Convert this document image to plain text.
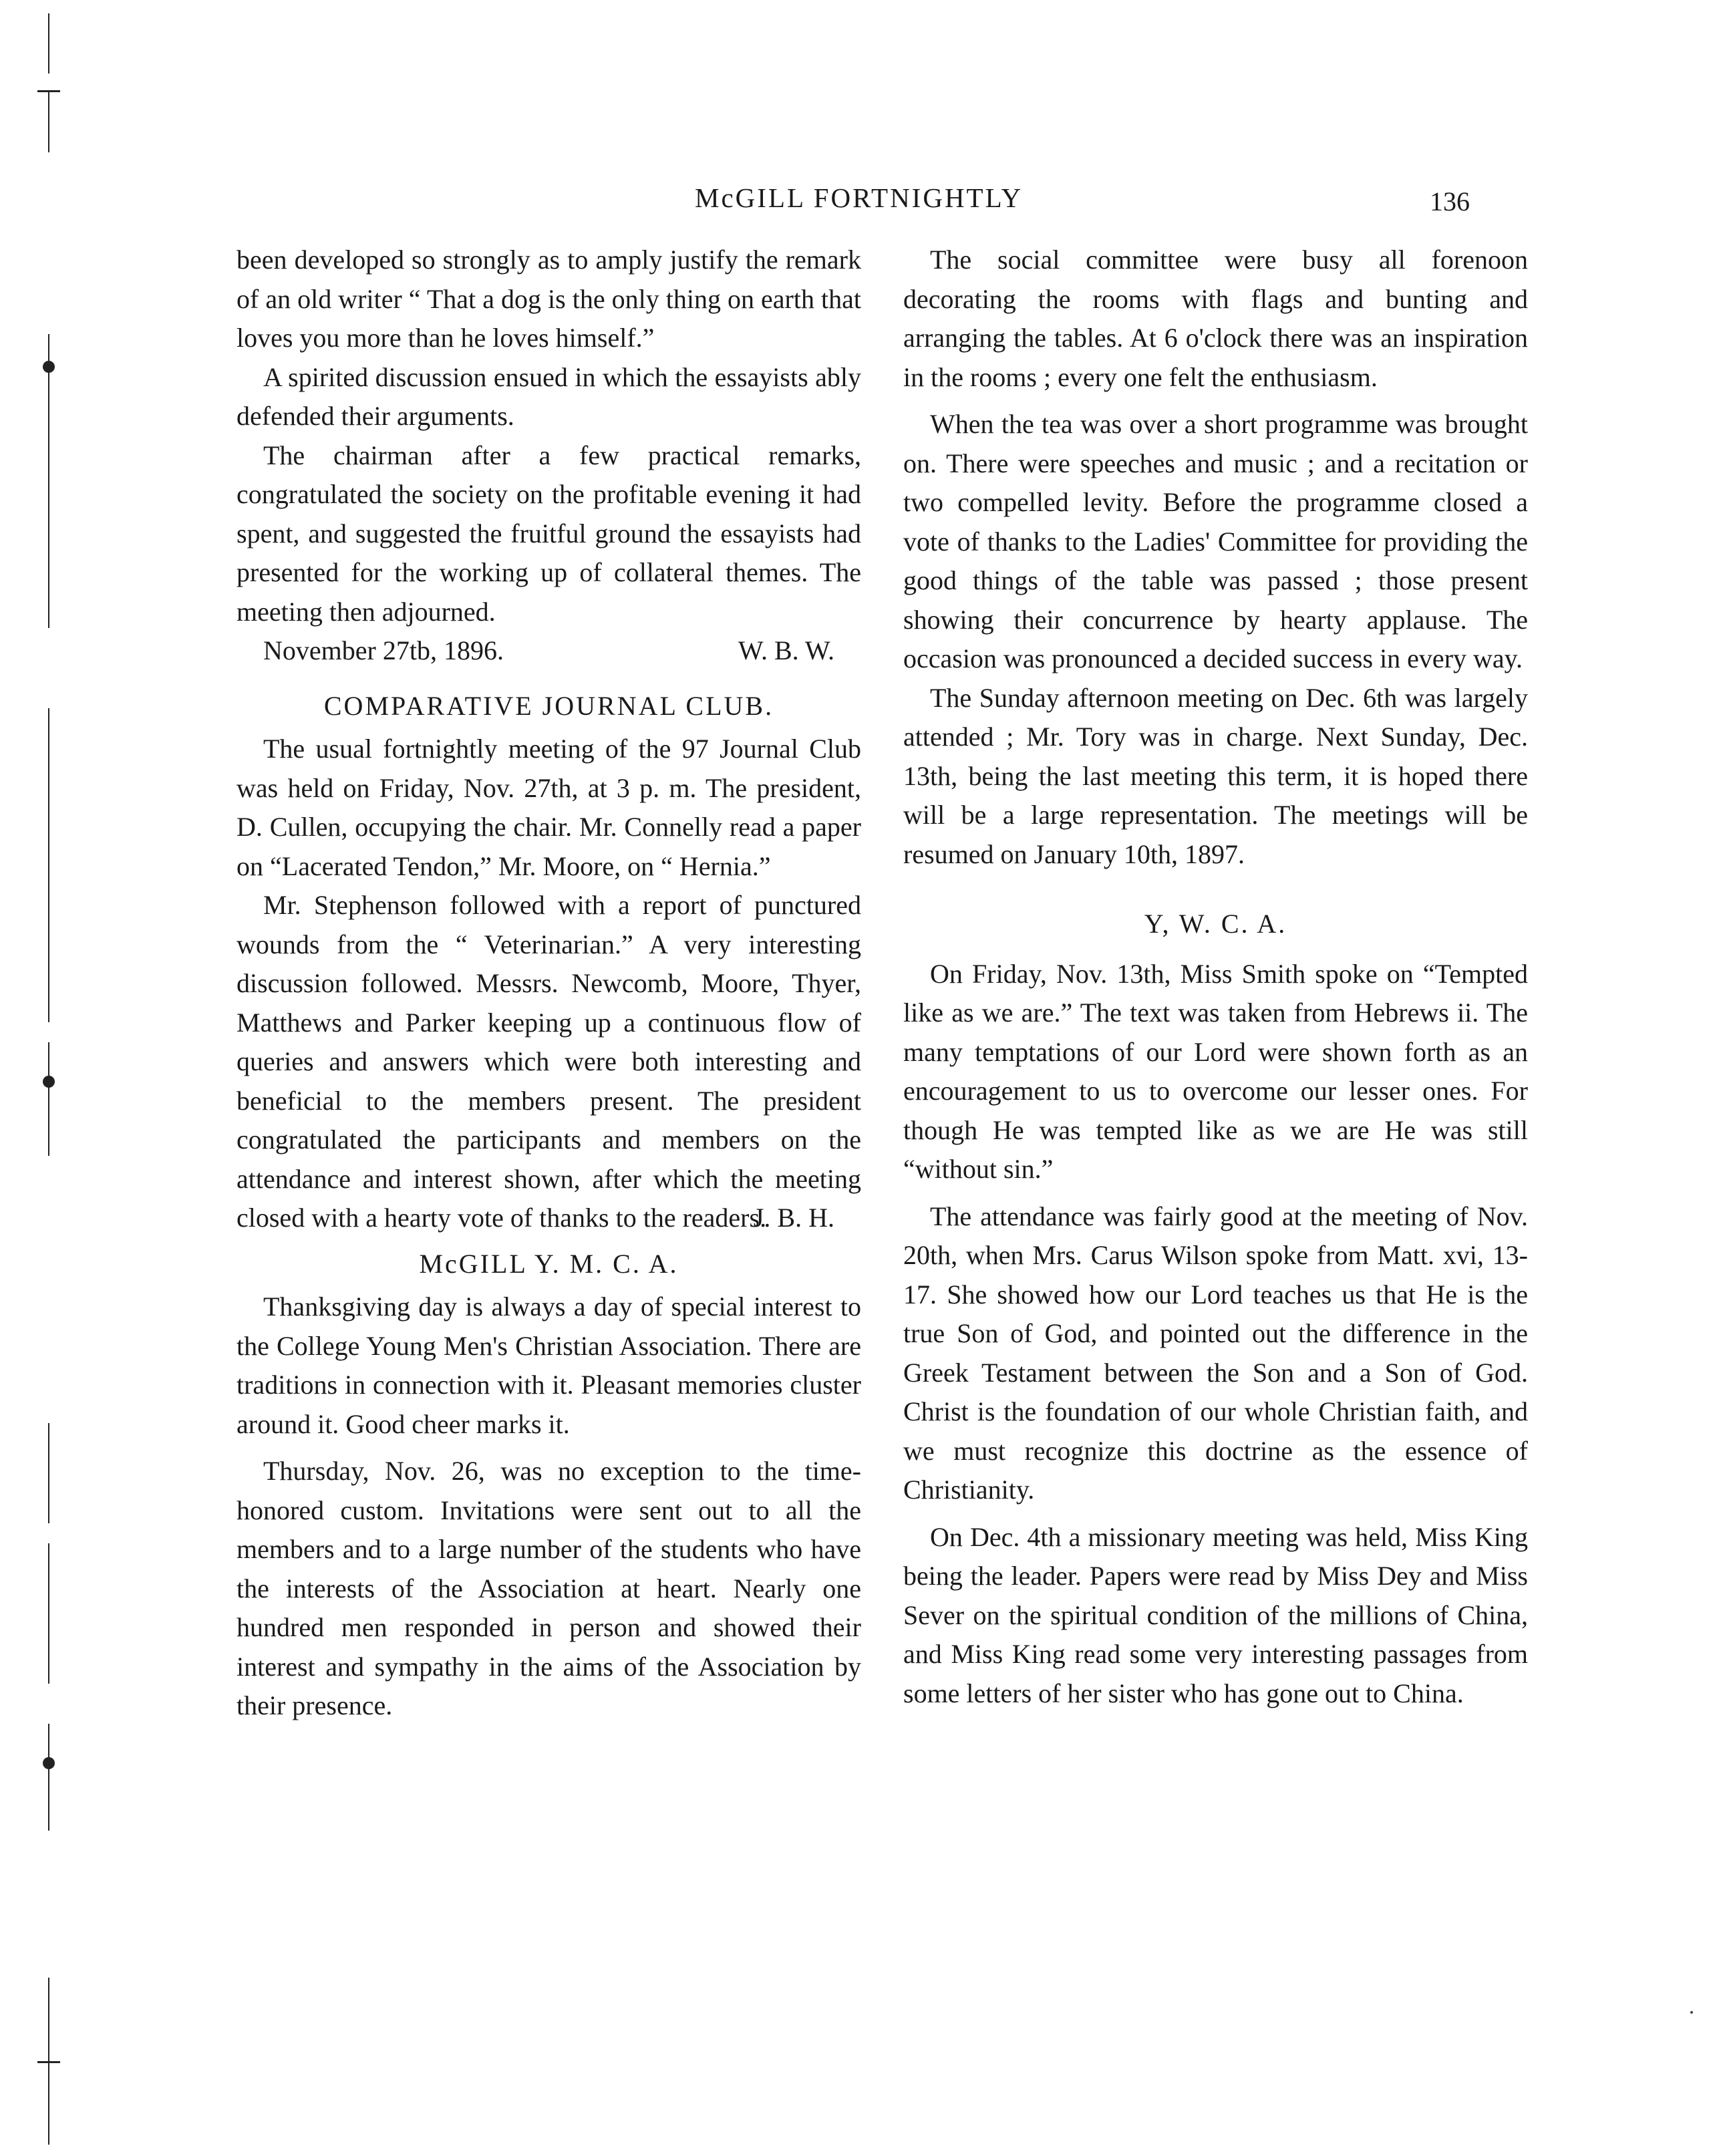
McGILL FORTNIGHTLY	136

been developed so strongly as to amply justify the remark of an old writer “ That a dog is the only thing on earth that loves you more than he loves himself.”

A spirited discussion ensued in which the essayists ably defended their arguments.

The chairman after a few practical remarks, congratulated the society on the profitable evening it had spent, and suggested the fruitful ground the essayists had presented for the working up of collateral themes. The meeting then adjourned.

November 27tb, 1896.	W. B. W.
COMPARATIVE JOURNAL CLUB.

The usual fortnightly meeting of the 97 Journal Club was held on Friday, Nov. 27th, at 3 p. m. The president, D. Cullen, occupying the chair. Mr. Connelly read a paper on “Lacerated Tendon,” Mr. Moore, on “ Hernia.”

Mr. Stephenson followed with a report of punctured wounds from the “ Veterinarian.” A very interesting discussion followed. Messrs. Newcomb, Moore, Thyer, Matthews and Parker keeping up a continuous flow of queries and answers which were both interesting and beneficial to the members present. The president congratulated the participants and members on the attendance and interest shown, after which the meeting closed with a hearty vote of thanks to the readers.

J. B. H.
McGILL Y. M. C. A.

Thanksgiving day is always a day of special interest to the College Young Men's Christian Association. There are traditions in connection with it. Pleasant memories cluster around it. Good cheer marks it.

Thursday, Nov. 26, was no exception to the time-honored custom. Invitations were sent out to all the members and to a large number of the students who have the interests of the Association at heart. Nearly one hundred men responded in person and showed their interest and sympathy in the aims of the Association by their presence.

The social committee were busy all forenoon decorating the rooms with flags and bunting and arranging the tables. At 6 o'clock there was an inspiration in the rooms ; every one felt the enthusiasm.

When the tea was over a short programme was brought on. There were speeches and music ; and a recitation or two compelled levity. Before the programme closed a vote of thanks to the Ladies' Committee for providing the good things of the table was passed ; those present showing their concurrence by hearty applause. The occasion was pronounced a decided success in every way.

The Sunday afternoon meeting on Dec. 6th was largely attended ; Mr. Tory was in charge. Next Sunday, Dec. 13th, being the last meeting this term, it is hoped there will be a large representation. The meetings will be resumed on January 10th, 1897.

Y, W. C. A.

On Friday, Nov. 13th, Miss Smith spoke on “Tempted like as we are.” The text was taken from Hebrews ii. The many temptations of our Lord were shown forth as an encouragement to us to overcome our lesser ones. For though He was tempted like as we are He was still “without sin.”

The attendance was fairly good at the meeting of Nov. 20th, when Mrs. Carus Wilson spoke from Matt. xvi, 13-17. She showed how our Lord teaches us that He is the true Son of God, and pointed out the difference in the Greek Testament between the Son and a Son of God. Christ is the foundation of our whole Christian faith, and we must recognize this doctrine as the essence of Christianity.

On Dec. 4th a missionary meeting was held, Miss King being the leader. Papers were read by Miss Dey and Miss Sever on the spiritual condition of the millions of China, and Miss King read some very interesting passages from some letters of her sister who has gone out to China.
